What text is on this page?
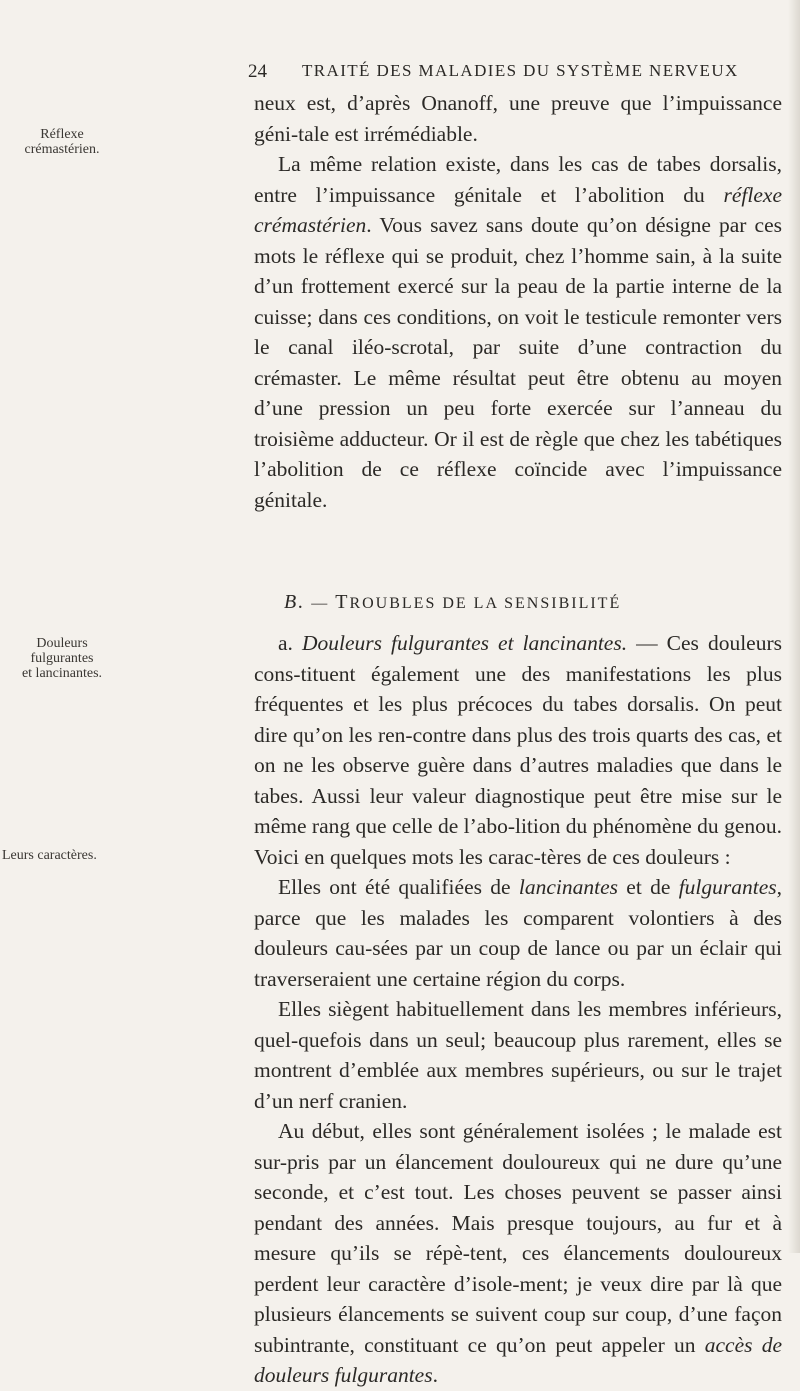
24 TRAITÉ DES MALADIES DU SYSTÈME NERVEUX
Réflexe
crémastérien.
Douleurs
fulgurantes
et lancinantes.
Leurs caractères.

neux est, d’après Onanoff, une preuve que l’impuissance géni-tale est irrémédiable.

La même relation existe, dans les cas de tabes dorsalis, entre l’impuissance génitale et l’abolition du réflexe crémastérien. Vous savez sans doute qu’on désigne par ces mots le réflexe qui se produit, chez l’homme sain, à la suite d’un frottement exercé sur la peau de la partie interne de la cuisse; dans ces conditions, on voit le testicule remonter vers le canal iléo-scrotal, par suite d’une contraction du crémaster. Le même résultat peut être obtenu au moyen d’une pression un peu forte exercée sur l’anneau du troisième adducteur. Or il est de règle que chez les tabétiques l’abolition de ce réflexe coïncide avec l’impuissance génitale.

B. — TROUBLES DE LA SENSIBILITÉ

a. Douleurs fulgurantes et lancinantes. — Ces douleurs cons-tituent également une des manifestations les plus fréquentes et les plus précoces du tabes dorsalis. On peut dire qu’on les ren-contre dans plus des trois quarts des cas, et on ne les observe guère dans d’autres maladies que dans le tabes. Aussi leur valeur diagnostique peut être mise sur le même rang que celle de l’abo-lition du phénomène du genou. Voici en quelques mots les carac-tères de ces douleurs :

Elles ont été qualifiées de lancinantes et de fulgurantes, parce que les malades les comparent volontiers à des douleurs cau-sées par un coup de lance ou par un éclair qui traverseraient une certaine région du corps.

Elles siègent habituellement dans les membres inférieurs, quel-quefois dans un seul; beaucoup plus rarement, elles se montrent d’emblée aux membres supérieurs, ou sur le trajet d’un nerf cranien.

Au début, elles sont généralement isolées ; le malade est sur-pris par un élancement douloureux qui ne dure qu’une seconde, et c’est tout. Les choses peuvent se passer ainsi pendant des années. Mais presque toujours, au fur et à mesure qu’ils se répè-tent, ces élancements douloureux perdent leur caractère d’isole-ment; je veux dire par là que plusieurs élancements se suivent coup sur coup, d’une façon subintrante, constituant ce qu’on peut appeler un accès de douleurs fulgurantes.
